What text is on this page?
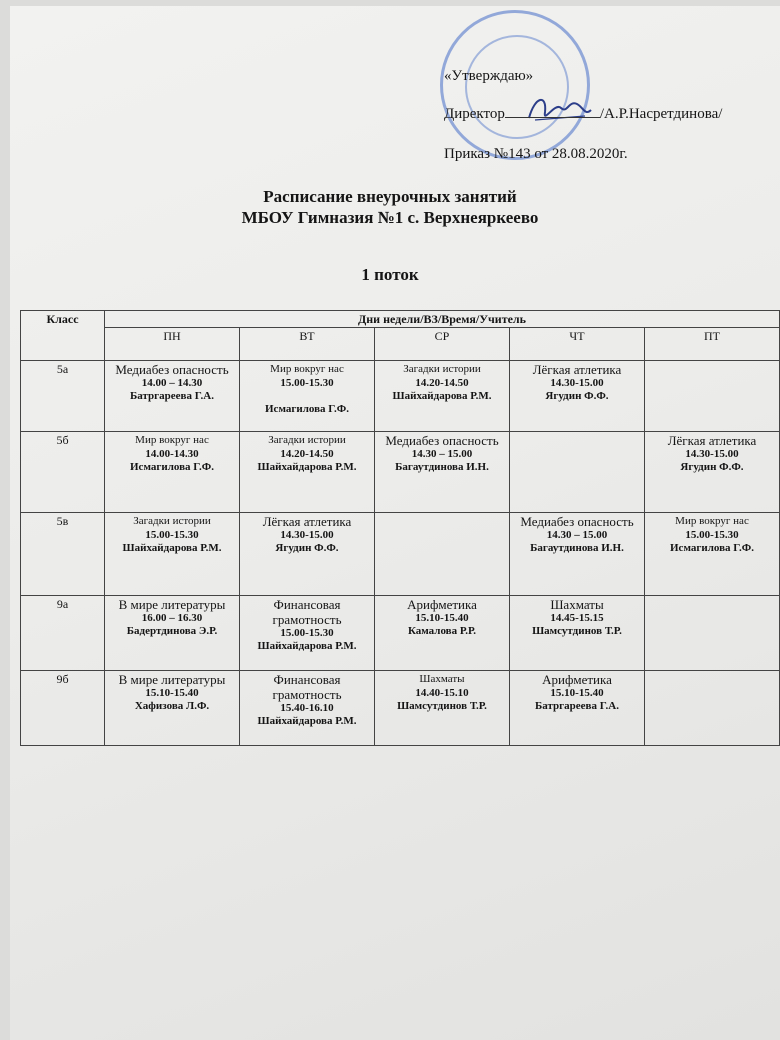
«Утверждаю»
Директор	/А.Р.Насретдинова/
Приказ №143 от 28.08.2020г.
Расписание внеурочных занятий
МБОУ Гимназия №1 с. Верхнеяркеево
1 поток
Класс	Дни недели/ВЗ/Время/Учитель				
	ПН	ВТ	СР	ЧТ	ПТ
5а	Медиабез опасность
14.00 – 14.30
Батргареева Г.А.	Мир вокруг нас
15.00-15.30
Исмагилова Г.Ф.	Загадки истории
14.20-14.50
Шайхайдарова Р.М.	Лёгкая атлетика
14.30-15.00
Ягудин Ф.Ф.	

5б	Мир вокруг нас
14.00-14.30
Исмагилова Г.Ф.	Загадки истории
14.20-14.50
Шайхайдарова Р.М.	Медиабез опасность
14.30 – 15.00
Багаутдинова И.Н.		Лёгкая атлетика
14.30-15.00
Ягудин Ф.Ф.

5в	Загадки истории
15.00-15.30
Шайхайдарова Р.М.	Лёгкая атлетика
14.30-15.00
Ягудин Ф.Ф.		Медиабез опасность
14.30 – 15.00
Багаутдинова И.Н.	Мир вокруг нас
15.00-15.30
Исмагилова Г.Ф.

9а	В мире литературы
16.00 – 16.30
Бадертдинова Э.Р.	Финансовая грамотность
15.00-15.30
Шайхайдарова Р.М.	Арифметика
15.10-15.40
Камалова Р.Р.	Шахматы
14.45-15.15
Шамсутдинов Т.Р.	

9б	В мире литературы
15.10-15.40
Хафизова Л.Ф.	Финансовая грамотность
15.40-16.10
Шайхайдарова Р.М.	Шахматы
14.40-15.10
Шамсутдинов Т.Р.	Арифметика
15.10-15.40
Батргареева Г.А.	
